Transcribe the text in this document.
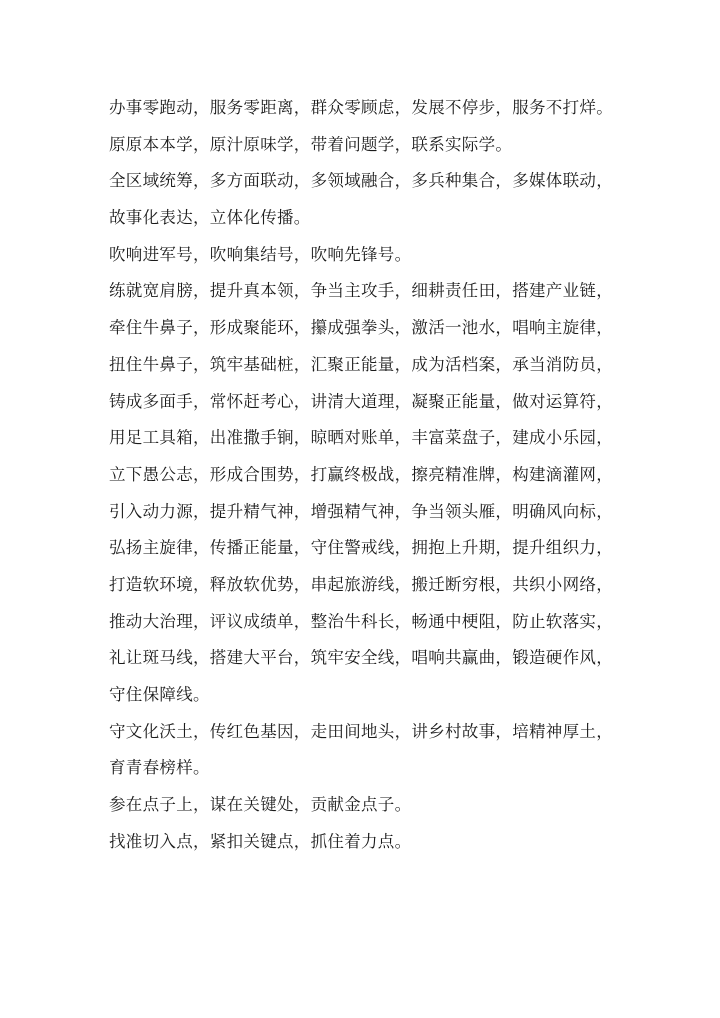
办事零跑动，服务零距离，群众零顾虑，发展不停步，服务不打烊。
原原本本学，原汁原味学，带着问题学，联系实际学。
全区域统筹，多方面联动，多领域融合，多兵种集合，多媒体联动，
故事化表达，立体化传播。
吹响进军号，吹响集结号，吹响先锋号。
练就宽肩膀，提升真本领，争当主攻手，细耕责任田，搭建产业链，
牵住牛鼻子，形成聚能环，攥成强拳头，激活一池水，唱响主旋律，
扭住牛鼻子，筑牢基础桩，汇聚正能量，成为活档案，承当消防员，
铸成多面手，常怀赶考心，讲清大道理，凝聚正能量，做对运算符，
用足工具箱，出准撒手锏，晾晒对账单，丰富菜盘子，建成小乐园，
立下愚公志，形成合围势，打赢终极战，擦亮精准牌，构建滴灌网，
引入动力源，提升精气神，增强精气神，争当领头雁，明确风向标，
弘扬主旋律，传播正能量，守住警戒线，拥抱上升期，提升组织力，
打造软环境，释放软优势，串起旅游线，搬迁断穷根，共织小网络，
推动大治理，评议成绩单，整治牛科长，畅通中梗阻，防止软落实，
礼让斑马线，搭建大平台，筑牢安全线，唱响共赢曲，锻造硬作风，
守住保障线。
守文化沃土，传红色基因，走田间地头，讲乡村故事，培精神厚土，
育青春榜样。
参在点子上，谋在关键处，贡献金点子。
找准切入点，紧扣关键点，抓住着力点。
